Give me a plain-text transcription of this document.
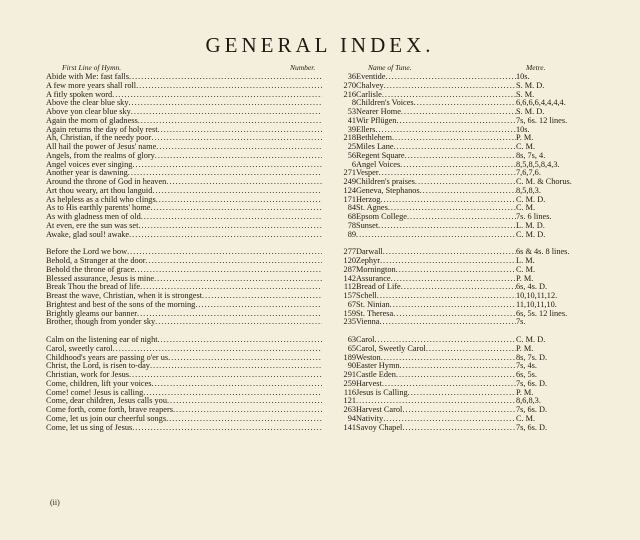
GENERAL INDEX.
First Line of Hymn.	Number.	Name of Tune.	Metre.
Abide with Me: fast falls .....	36 Eventide .....	10s.
A few more years shall roll .....	270 Chalvey .....	S. M. D.
A fitly spoken word .....	216 Carlisle .....	S. M.
Above the clear blue sky .....	8 Children's Voices .....	6,6,6,6,4,4,4,4.
Above yon clear blue sky .....	53 Nearer Home .....	S. M. D.
Again the morn of gladness .....	41 Wir Pflügen .....	7s, 6s. 12 lines.
Again returns the day of holy rest .....	39 Ellers .....	10s.
Ah, Christian, if the needy poor .....	218 Bethlehem .....	P. M.
All hail the power of Jesus' name .....	25 Miles Lane .....	C. M.
Angels, from the realms of glory .....	56 Regent Square .....	8s, 7s, 4.
Angel voices ever singing .....	6 Angel Voices .....	8,5,8,5,8,4,3.
Another year is dawning .....	271 Vesper .....	7,6,7,6.
Around the throne of God in heaven .....	249 Children's praises .....	C. M. & Chorus.
Art thou weary, art thou languid .....	124 Geneva, Stephanos .....	8,5,8,3.
As helpless as a child who clings .....	171 Herzog .....	C. M. D.
As to His earthly parents' home .....	84 St. Agnes .....	C. M.
As with gladness men of old .....	68 Epsom College .....	7s. 6 lines.
At even, ere the sun was set .....	78 Sunset .....	L. M. D.
Awake, glad soul! awake .....	89 .....	C. M. D.
Before the Lord we bow .....	277 Darwall .....	6s & 4s. 8 lines.
Behold, a Stranger at the door .....	120 Zephyr .....	L. M.
Behold the throne of grace .....	287 Mornington .....	C. M.
Blessed assurance, Jesus is mine .....	142 Assurance .....	P. M.
Break Thou the bread of life .....	112 Bread of Life .....	6s, 4s. D.
Breast the wave, Christian, when it is strongest .....	157 Schell .....	10,10,11,12.
Brightest and best of the sons of the morning .....	67 St. Ninian .....	11,10,11,10.
Brightly gleams our banner .....	159 St. Theresa .....	6s, 5s. 12 lines.
Brother, though from yonder sky .....	235 Vienna .....	7s.
Calm on the listening ear of night .....	63 Carol .....	C. M. D.
Carol, sweetly carol .....	65 Carol, Sweetly Carol .....	P. M.
Childhood's years are passing o'er us .....	189 Weston .....	8s, 7s. D.
Christ, the Lord, is risen to-day .....	90 Easter Hymn .....	7s, 4s.
Christian, work for Jesus .....	291 Castle Eden .....	6s, 5s.
Come, children, lift your voices .....	259 Harvest .....	7s, 6s. D.
Come! come! Jesus is calling .....	116 Jesus is Calling .....	P. M.
Come, dear children, Jesus calls you .....	121 .....	8,6,8,3.
Come forth, come forth, brave reapers .....	263 Harvest Carol .....	7s, 6s. D.
Come, let us join our cheerful songs .....	94 Nativity .....	C. M.
Come, let us sing of Jesus .....	141 Savoy Chapel .....	7s, 6s. D.
(ii)
